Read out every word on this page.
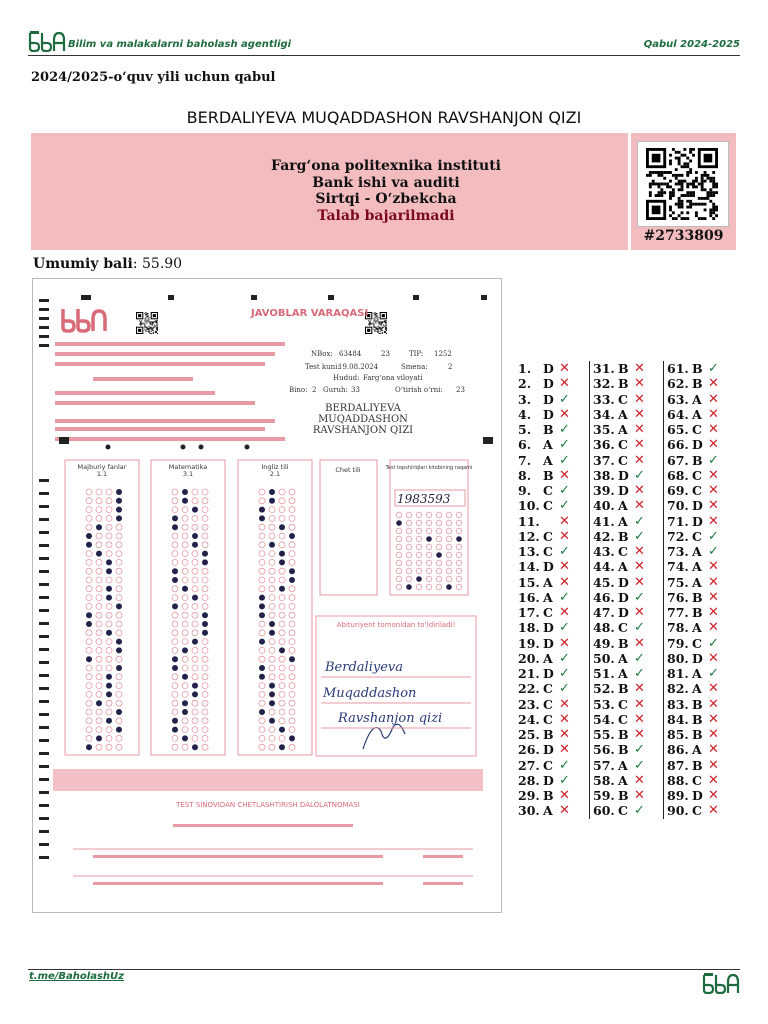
Bilim va malakalarni baholash agentligi	Qabul 2024-2025
2024/2025-o‘quv yili uchun qabul
BERDALIYEVA MUQADDASHON RAVSHANJON QIZI
Farg‘ona politexnika instituti
Bank ishi va auditi
Sirtqi - O‘zbekcha
Talab bajarilmadi
#2733809
Umumiy bali: 55.90
JAVOBLAR VARAQASI
NBox: 63484	23	TIP: 1252
Test kuni:
19.08.2024	Smena:	2
Hudud: Farg‘ona viloyati
Bino: 2 Guruh: 33	O‘tirish o‘rni: 23
BERDALIYEVA
MUQADDASHON
RAVSHANJON QIZI
Majburiy fanlar
1.1
Matematika
3.1
Ingliz tili
2.1	Chet tili	Test topshiriqlari kitobining raqami
1983593
Abituriyent tomonidan to‘ldiriladi!
Berdaliyeva
Muqaddashon
Ravshanjon qizi
TEST SINOVIDAN CHETLASHTIRISH DALOLATNOMASI
1. D ✕
2. D ✕
3. D ✓
4. D ✕
5. B ✓
6. A ✓
7. A ✓
8. B ✕
9. C ✓
10. C ✓
11. ✕
12. C ✕
13. C ✓
14. D ✕
15. A ✕
16. A ✓
17. C ✕
18. D ✓
19. D ✕
20. A ✓
21. D ✓
22. C ✓
23. C ✕
24. C ✕
25. B ✕
26. D ✕
27. C ✓
28. D ✓
29. B ✕
30. A ✕
31. B ✕
32. B ✕
33. C ✕
34. A ✕
35. A ✕
36. C ✕
37. C ✕
38. D ✓
39. D ✕
40. A ✕
41. A ✓
42. B ✓
43. C ✕
44. A ✕
45. D ✕
46. D ✓
47. D ✕
48. C ✓
49. B ✕
50. A ✓
51. A ✓
52. B ✕
53. C ✕
54. C ✕
55. B ✕
56. B ✓
57. A ✓
58. A ✕
59. B ✕
60. C ✓
61. B ✓
62. B ✕
63. A ✕
64. A ✕
65. C ✕
66. D ✕
67. B ✓
68. C ✕
69. C ✕
70. D ✕
71. D ✕
72. C ✓
73. A ✓
74. A ✕
75. A ✕
76. B ✕
77. B ✕
78. A ✕
79. C ✓
80. D ✕
81. A ✓
82. A ✕
83. B ✕
84. B ✕
85. B ✕
86. A ✕
87. B ✕
88. C ✕
89. D ✕
90. C ✕
t.me/BaholashUz
